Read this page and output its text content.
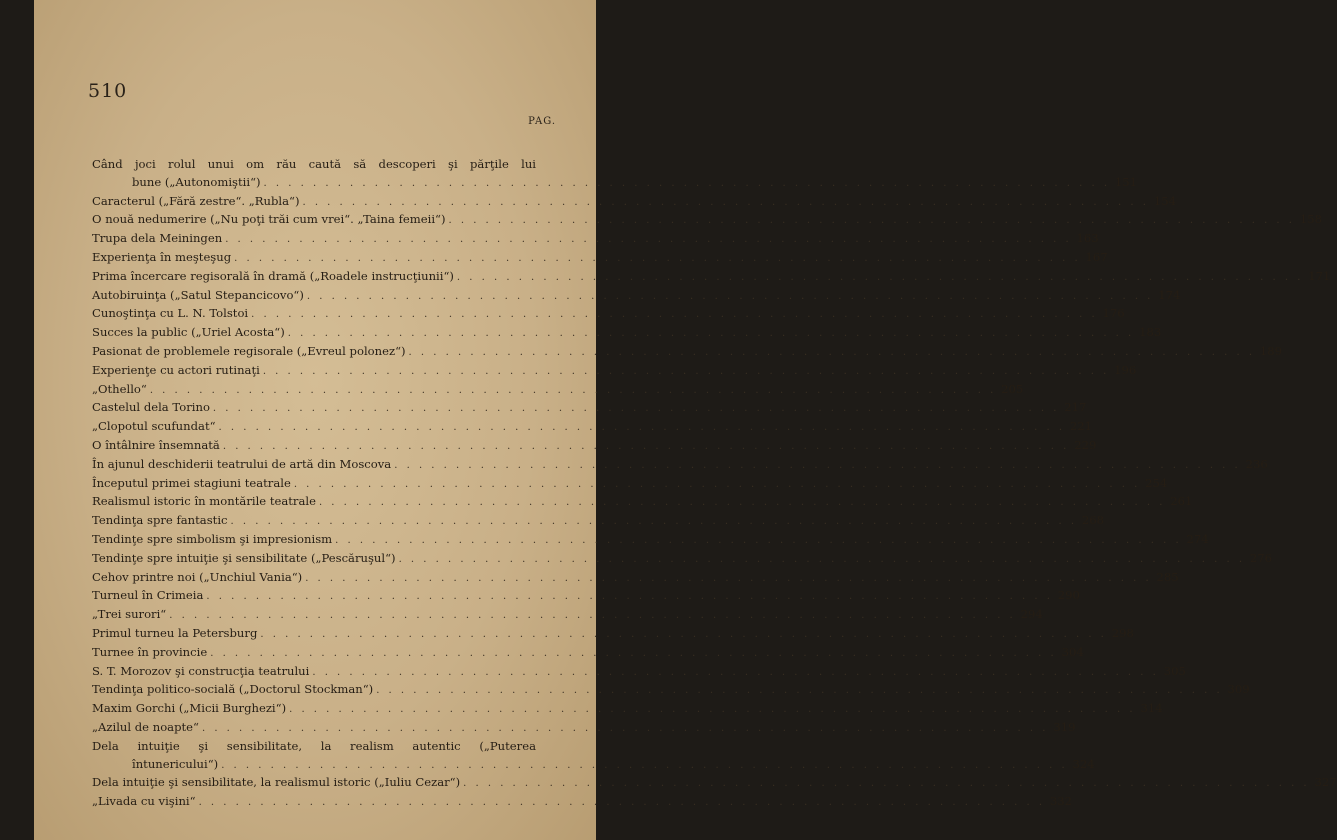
510
PAG.
Când joci rolul unui om rău caută să descoperi şi părţile lui
bune („Autonomiştii“) . . . . . . . . . . . . . . . . . . . . . . . . . . . . . . . . . . . . . . . . . . . . . . . . . . . . . . . . . . . . . . . . . . . . . 151
Caracterul („Fără zestre“. „Rubla“) . . . . . . . . . . . . . . . . . . . . . . . . . . . . . . . . . . . . . . . . . . . . . . . . . . . . . . . . . . . . . . . . . . . . . 154
O nouă nedumerire („Nu poţi trăi cum vrei“. „Taina femeii“) . . . . . . . . . . . . . . . . . . . . . . . . . . . . . . . . . . . . . . . . . . . . . . . . . . . . . . . . . . . . . . . . . . . . . 158
Trupa dela Meiningen . . . . . . . . . . . . . . . . . . . . . . . . . . . . . . . . . . . . . . . . . . . . . . . . . . . . . . . . . . . . . . . . . . . . . 163
Experienţa în meşteşug . . . . . . . . . . . . . . . . . . . . . . . . . . . . . . . . . . . . . . . . . . . . . . . . . . . . . . . . . . . . . . . . . . . . . 167
Prima încercare regisorală în dramă („Roadele instrucţiunii“) . . . . . . . . . . . . . . . . . . . . . . . . . . . . . . . . . . . . . . . . . . . . . . . . . . . . . . . . . . . . . . . . . . . . . 171
Autobiruinţa („Satul Stepancicovo“) . . . . . . . . . . . . . . . . . . . . . . . . . . . . . . . . . . . . . . . . . . . . . . . . . . . . . . . . . . . . . . . . . . . . . 174
Cunoştinţa cu L. N. Tolstoi . . . . . . . . . . . . . . . . . . . . . . . . . . . . . . . . . . . . . . . . . . . . . . . . . . . . . . . . . . . . . . . . . . . . . 176
Succes la public („Uriel Acosta“) . . . . . . . . . . . . . . . . . . . . . . . . . . . . . . . . . . . . . . . . . . . . . . . . . . . . . . . . . . . . . . . . . . . . . 183
Pasionat de problemele regisorale („Evreul polonez“) . . . . . . . . . . . . . . . . . . . . . . . . . . . . . . . . . . . . . . . . . . . . . . . . . . . . . . . . . . . . . . . . . . . . . 189
Experienţe cu actori rutinaţi . . . . . . . . . . . . . . . . . . . . . . . . . . . . . . . . . . . . . . . . . . . . . . . . . . . . . . . . . . . . . . . . . . . . . 196
„Othello“ . . . . . . . . . . . . . . . . . . . . . . . . . . . . . . . . . . . . . . . . . . . . . . . . . . . . . . . . . . . . . . . . . . . . . 205
Castelul dela Torino . . . . . . . . . . . . . . . . . . . . . . . . . . . . . . . . . . . . . . . . . . . . . . . . . . . . . . . . . . . . . . . . . . . . . 217
„Clopotul scufundat“ . . . . . . . . . . . . . . . . . . . . . . . . . . . . . . . . . . . . . . . . . . . . . . . . . . . . . . . . . . . . . . . . . . . . . 221
O întâlnire însemnată . . . . . . . . . . . . . . . . . . . . . . . . . . . . . . . . . . . . . . . . . . . . . . . . . . . . . . . . . . . . . . . . . . . . . 229
În ajunul deschiderii teatrului de artă din Moscova . . . . . . . . . . . . . . . . . . . . . . . . . . . . . . . . . . . . . . . . . . . . . . . . . . . . . . . . . . . . . . . . . . . . . 236
Începutul primei stagiuni teatrale . . . . . . . . . . . . . . . . . . . . . . . . . . . . . . . . . . . . . . . . . . . . . . . . . . . . . . . . . . . . . . . . . . . . . 254
Realismul istoric în montările teatrale . . . . . . . . . . . . . . . . . . . . . . . . . . . . . . . . . . . . . . . . . . . . . . . . . . . . . . . . . . . . . . . . . . . . . 261
Tendinţa spre fantastic . . . . . . . . . . . . . . . . . . . . . . . . . . . . . . . . . . . . . . . . . . . . . . . . . . . . . . . . . . . . . . . . . . . . . 268
Tendinţe spre simbolism şi impresionism . . . . . . . . . . . . . . . . . . . . . . . . . . . . . . . . . . . . . . . . . . . . . . . . . . . . . . . . . . . . . . . . . . . . . 274
Tendinţe spre intuiţie şi sensibilitate („Pescăruşul“) . . . . . . . . . . . . . . . . . . . . . . . . . . . . . . . . . . . . . . . . . . . . . . . . . . . . . . . . . . . . . . . . . . . . . 276
Cehov printre noi („Unchiul Vania“) . . . . . . . . . . . . . . . . . . . . . . . . . . . . . . . . . . . . . . . . . . . . . . . . . . . . . . . . . . . . . . . . . . . . . 285
Turneul în Crimeia . . . . . . . . . . . . . . . . . . . . . . . . . . . . . . . . . . . . . . . . . . . . . . . . . . . . . . . . . . . . . . . . . . . . . 290
„Trei surori“ . . . . . . . . . . . . . . . . . . . . . . . . . . . . . . . . . . . . . . . . . . . . . . . . . . . . . . . . . . . . . . . . . . . . . 294
Primul turneu la Petersburg . . . . . . . . . . . . . . . . . . . . . . . . . . . . . . . . . . . . . . . . . . . . . . . . . . . . . . . . . . . . . . . . . . . . . 298
Turnee în provincie . . . . . . . . . . . . . . . . . . . . . . . . . . . . . . . . . . . . . . . . . . . . . . . . . . . . . . . . . . . . . . . . . . . . . 304
S. T. Morozov şi construcţia teatrului . . . . . . . . . . . . . . . . . . . . . . . . . . . . . . . . . . . . . . . . . . . . . . . . . . . . . . . . . . . . . . . . . . . . . 305
Tendinţa politico-socială („Doctorul Stockman“) . . . . . . . . . . . . . . . . . . . . . . . . . . . . . . . . . . . . . . . . . . . . . . . . . . . . . . . . . . . . . . . . . . . . . 309
Maxim Gorchi („Micii Burghezi“) . . . . . . . . . . . . . . . . . . . . . . . . . . . . . . . . . . . . . . . . . . . . . . . . . . . . . . . . . . . . . . . . . . . . . 314
„Azilul de noapte“ . . . . . . . . . . . . . . . . . . . . . . . . . . . . . . . . . . . . . . . . . . . . . . . . . . . . . . . . . . . . . . . . . . . . . 319
Dela intuiţie şi sensibilitate, la realism autentic („Puterea
întunericului“) . . . . . . . . . . . . . . . . . . . . . . . . . . . . . . . . . . . . . . . . . . . . . . . . . . . . . . . . . . . . . . . . . . . . . 324
Dela intuiţie şi sensibilitate, la realismul istoric („Iuliu Cezar“) . . . . . . . . . . . . . . . . . . . . . . . . . . . . . . . . . . . . . . . . . . . . . . . . . . . . . . . . . . . . . . . . . . . . . 327
„Livada cu vişini“ . . . . . . . . . . . . . . . . . . . . . . . . . . . . . . . . . . . . . . . . . . . . . . . . . . . . . . . . . . . . . . . . . . . . . 332
